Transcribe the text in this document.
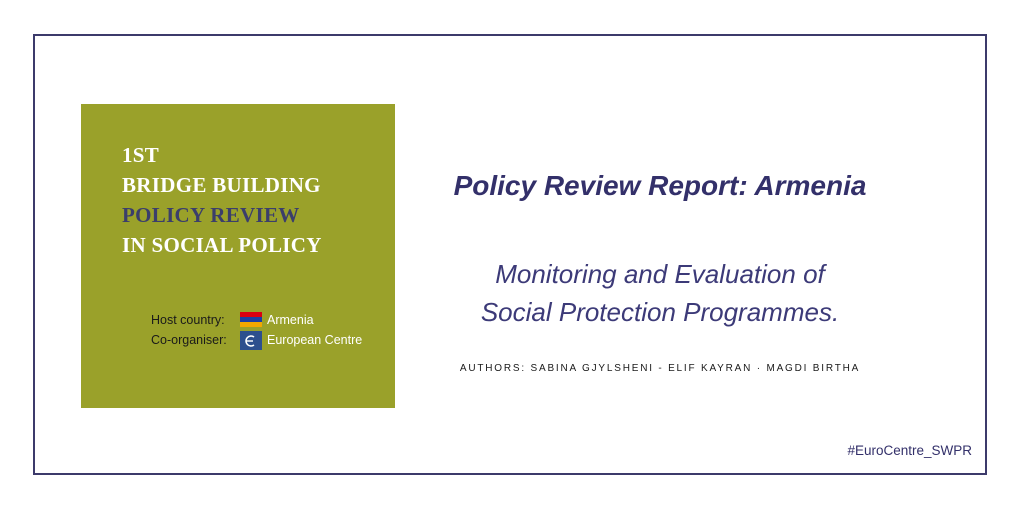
1ST
BRIDGE BUILDING
POLICY REVIEW
IN SOCIAL POLICY
Host country:	Armenia
Co-organiser:	European Centre
Policy Review Report: Armenia
Monitoring and Evaluation of
Social Protection Programmes.
AUTHORS: SABINA GJYLSHENI - ELIF KAYRAN · MAGDI BIRTHA
#EuroCentre_SWPR
